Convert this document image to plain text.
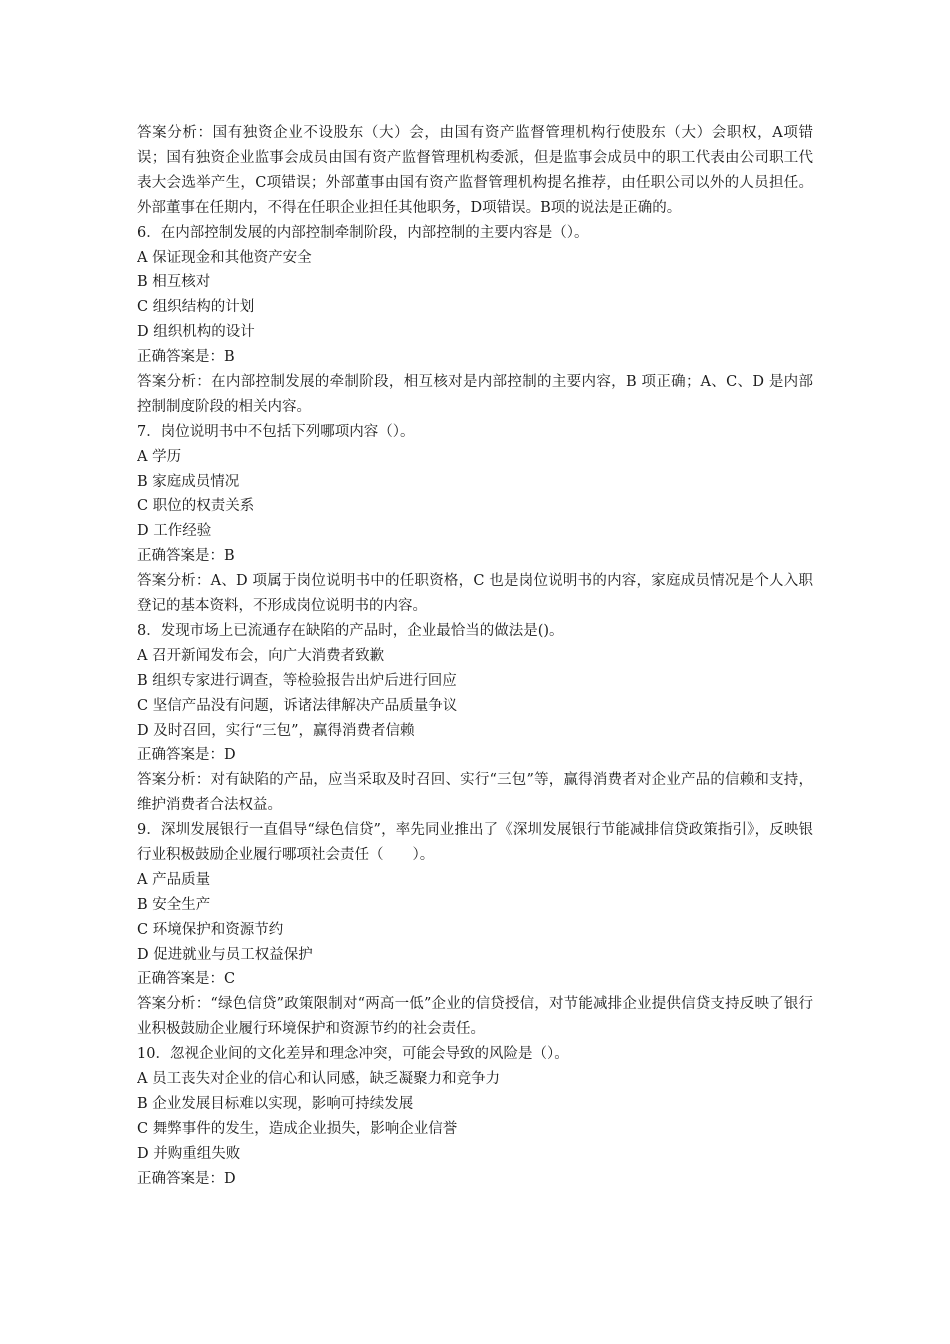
答案分析：国有独资企业不设股东（大）会，由国有资产监督管理机构行使股东（大）会职权，A项错误；国有独资企业监事会成员由国有资产监督管理机构委派，但是监事会成员中的职工代表由公司职工代表大会选举产生，C项错误；外部董事由国有资产监督管理机构提名推荐，由任职公司以外的人员担任。外部董事在任期内，不得在任职企业担任其他职务，D项错误。B项的说法是正确的。
6．在内部控制发展的内部控制牵制阶段，内部控制的主要内容是（）。
A 保证现金和其他资产安全
B 相互核对
C 组织结构的计划
D 组织机构的设计
正确答案是：B
答案分析：在内部控制发展的牵制阶段，相互核对是内部控制的主要内容，B 项正确；A、C、D 是内部控制制度阶段的相关内容。
7．岗位说明书中不包括下列哪项内容（）。
A 学历
B 家庭成员情况
C 职位的权责关系
D 工作经验
正确答案是：B
答案分析：A、D 项属于岗位说明书中的任职资格，C 也是岗位说明书的内容，家庭成员情况是个人入职登记的基本资料，不形成岗位说明书的内容。
8．发现市场上已流通存在缺陷的产品时，企业最恰当的做法是()。
A 召开新闻发布会，向广大消费者致歉
B 组织专家进行调查，等检验报告出炉后进行回应
C 坚信产品没有问题，诉诸法律解决产品质量争议
D 及时召回，实行“三包”，赢得消费者信赖
正确答案是：D
答案分析：对有缺陷的产品，应当采取及时召回、实行“三包”等，赢得消费者对企业产品的信赖和支持，维护消费者合法权益。
9．深圳发展银行一直倡导“绿色信贷”，率先同业推出了《深圳发展银行节能减排信贷政策指引》，反映银行业积极鼓励企业履行哪项社会责任（　　）。
A 产品质量
B 安全生产
C 环境保护和资源节约
D 促进就业与员工权益保护
正确答案是：C
答案分析：“绿色信贷”政策限制对“两高一低”企业的信贷授信，对节能减排企业提供信贷支持反映了银行业积极鼓励企业履行环境保护和资源节约的社会责任。
10．忽视企业间的文化差异和理念冲突，可能会导致的风险是（）。
A 员工丧失对企业的信心和认同感，缺乏凝聚力和竞争力
B 企业发展目标难以实现，影响可持续发展
C 舞弊事件的发生，造成企业损失，影响企业信誉
D 并购重组失败
正确答案是：D
